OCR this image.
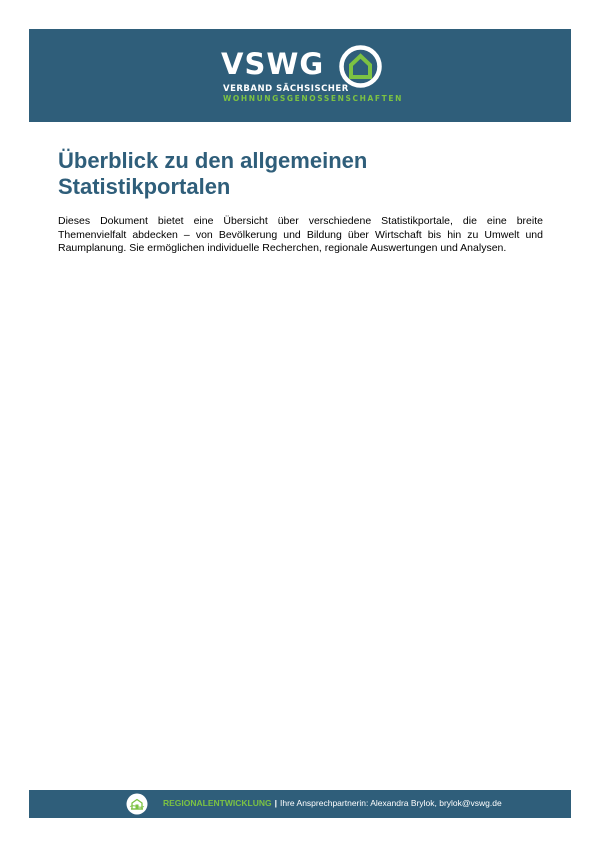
VSWG
VERBAND SÄCHSISCHER
WOHNUNGSGENOSSENSCHAFTEN
Überblick zu den allgemeinen
Statistikportalen

Dieses Dokument bietet eine Übersicht über verschiedene Statistikportale, die eine breite Themenvielfalt abdecken – von Bevölkerung und Bildung über Wirtschaft bis hin zu Umwelt und Raumplanung. Sie ermöglichen individuelle Recherchen, regionale Auswertungen und Analysen.

REGIONALENTWICKLUNG | Ihre Ansprechpartnerin: Alexandra Brylok, brylok@vswg.de
